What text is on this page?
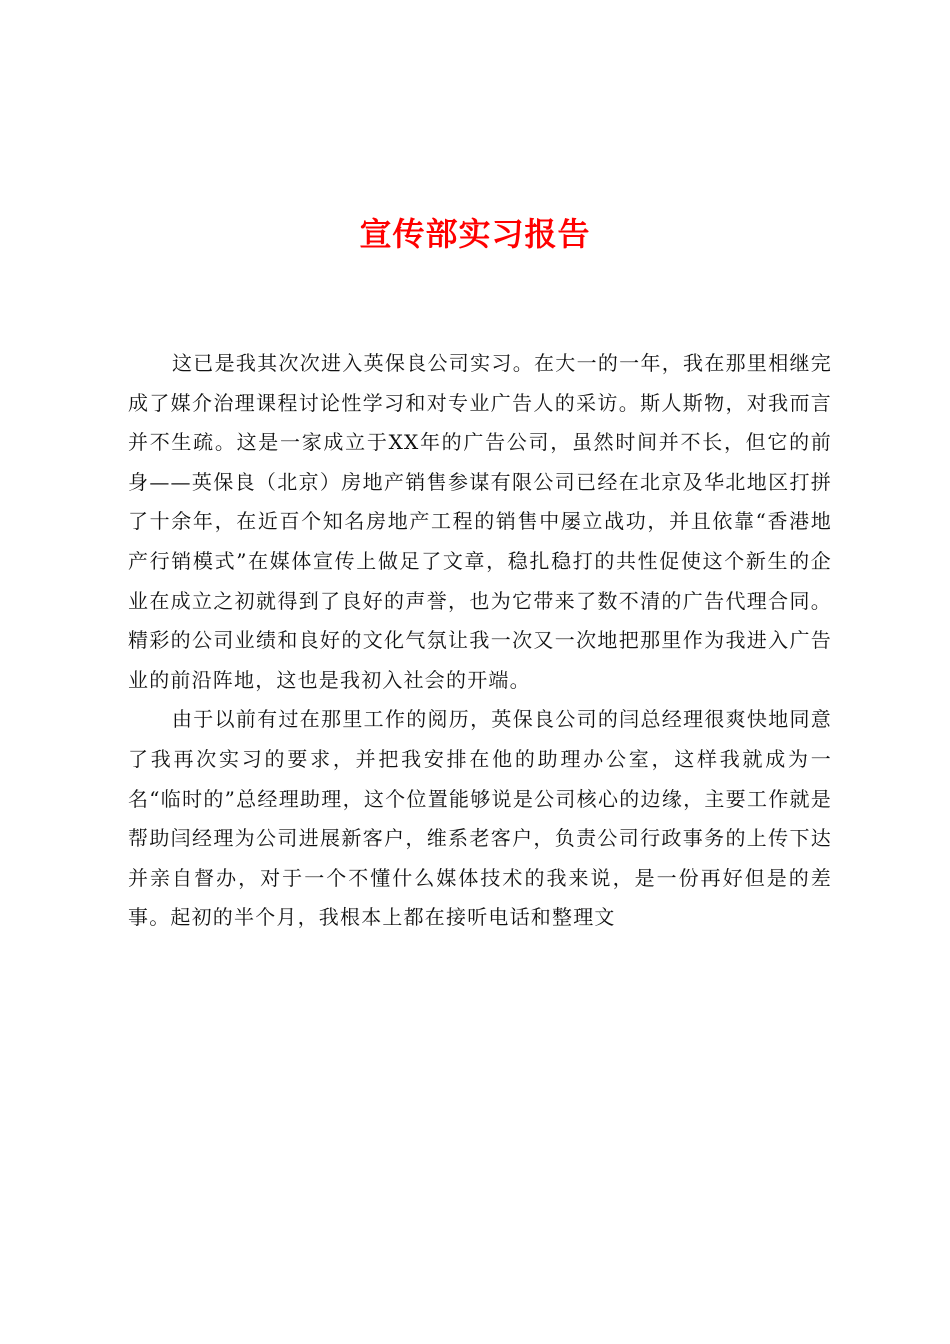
宣传部实习报告

这已是我其次次进入英保良公司实习。在大一的一年，我在那里相继完成了媒介治理课程讨论性学习和对专业广告人的采访。斯人斯物，对我而言并不生疏。这是一家成立于XX年的广告公司，虽然时间并不长，但它的前身——英保良（北京）房地产销售参谋有限公司已经在北京及华北地区打拼了十余年，在近百个知名房地产工程的销售中屡立战功，并且依靠“香港地产行销模式”在媒体宣传上做足了文章，稳扎稳打的共性促使这个新生的企业在成立之初就得到了良好的声誉，也为它带来了数不清的广告代理合同。精彩的公司业绩和良好的文化气氛让我一次又一次地把那里作为我进入广告业的前沿阵地，这也是我初入社会的开端。

由于以前有过在那里工作的阅历，英保良公司的闫总经理很爽快地同意了我再次实习的要求，并把我安排在他的助理办公室，这样我就成为一名“临时的”总经理助理，这个位置能够说是公司核心的边缘，主要工作就是帮助闫经理为公司进展新客户，维系老客户，负责公司行政事务的上传下达并亲自督办，对于一个不懂什么媒体技术的我来说，是一份再好但是的差事。起初的半个月，我根本上都在接听电话和整理文
